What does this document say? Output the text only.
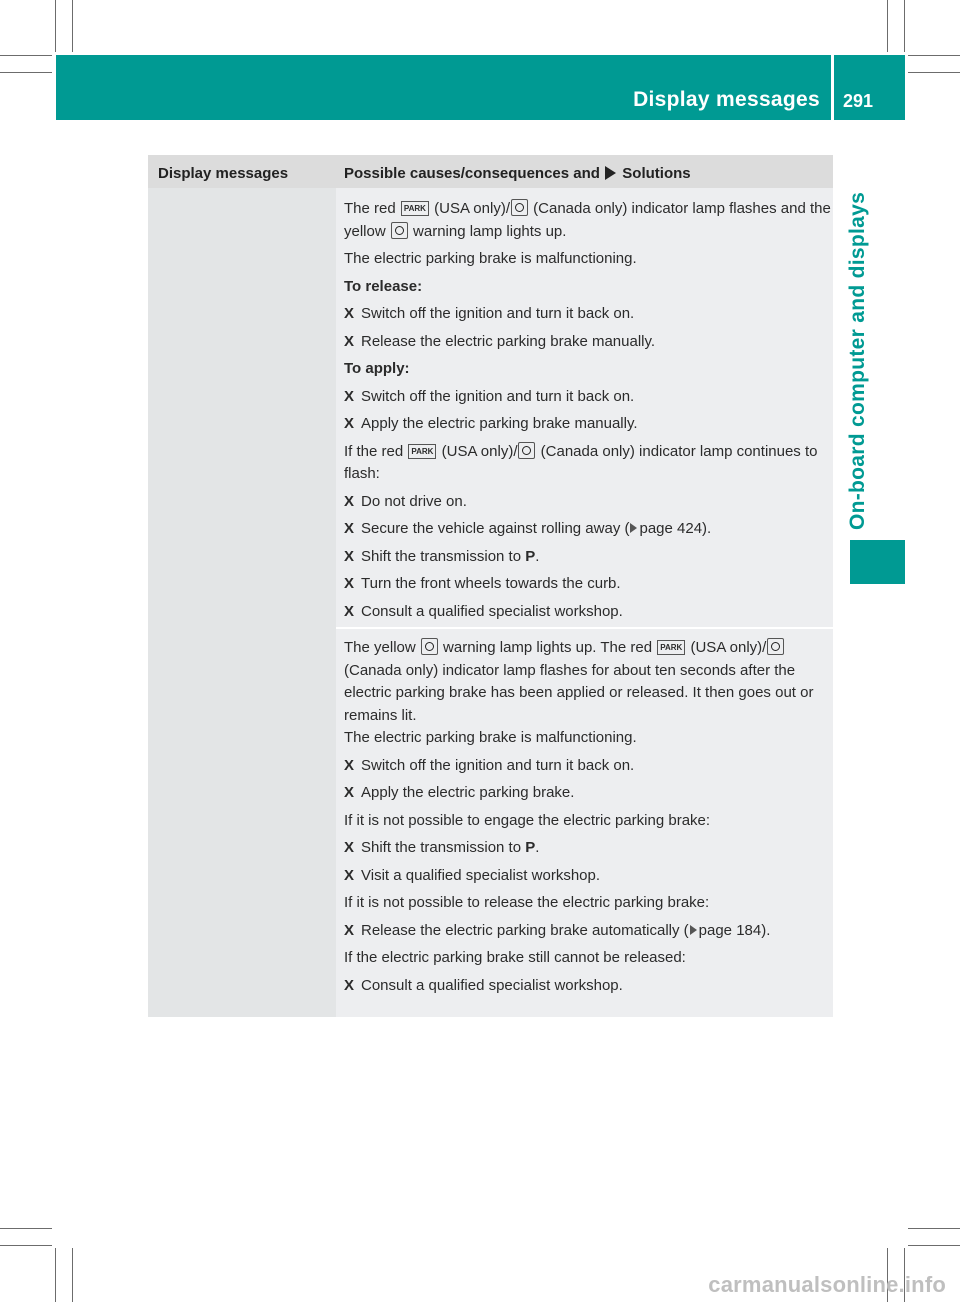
Display messages 291
On-board computer and displays
Display messages	Possible causes/consequences and Solutions

The red PARK (USA only)/ (Canada only) indicator lamp flashes and the yellow warning lamp lights up.

The electric parking brake is malfunctioning.

To release:

X Switch off the ignition and turn it back on.

X Release the electric parking brake manually.

To apply:

X Switch off the ignition and turn it back on.

X Apply the electric parking brake manually.

If the red PARK (USA only)/ (Canada only) indicator lamp continues to flash:

X Do not drive on.

X Secure the vehicle against rolling away ( page 424).

X Shift the transmission to P.

X Turn the front wheels towards the curb.

X Consult a qualified specialist workshop.

The yellow warning lamp lights up. The red PARK (USA only)/ (Canada only) indicator lamp flashes for about ten seconds after the electric parking brake has been applied or released. It then goes out or remains lit.

The electric parking brake is malfunctioning.

X Switch off the ignition and turn it back on.

X Apply the electric parking brake.

If it is not possible to engage the electric parking brake:

X Shift the transmission to P.

X Visit a qualified specialist workshop.

If it is not possible to release the electric parking brake:

X Release the electric parking brake automatically ( page 184).

If the electric parking brake still cannot be released:

X Consult a qualified specialist workshop.

carmanualsonline.info
